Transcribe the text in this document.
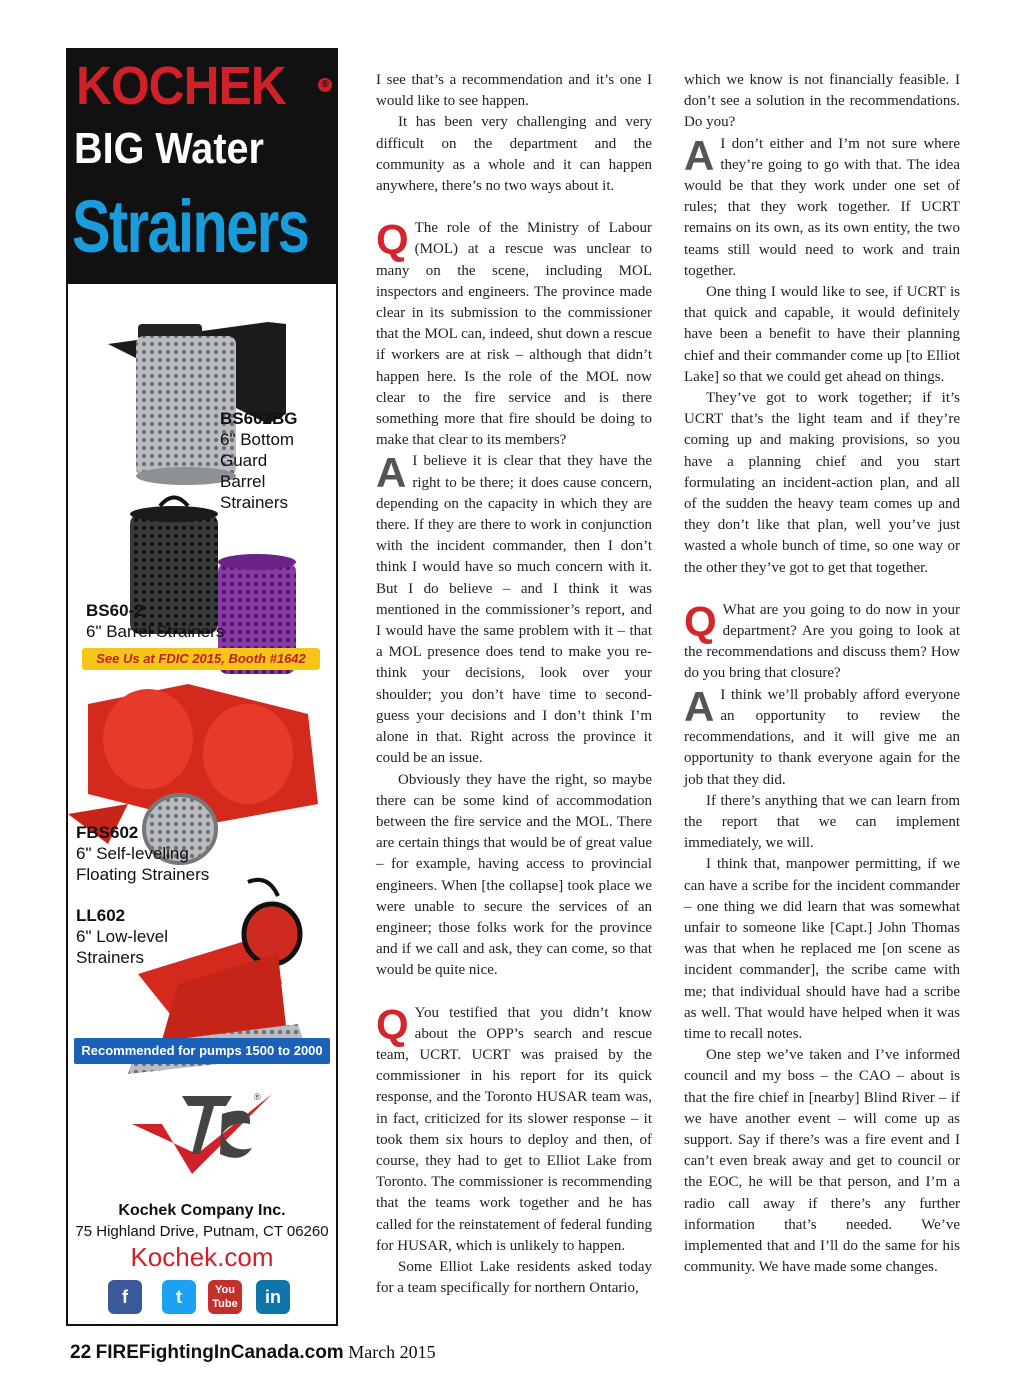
KOCHEK	®
BIG Water
Strainers
BS602BG
6" Bottom Guard
Barrel Strainers
BS60-2
6" Barrel Strainers
See Us at FDIC 2015, Booth #1642
FBS602
6" Self-leveling
Floating Strainers
LL602
6" Low-level
Strainers
Recommended for pumps 1500 to 2000 GPM
®
Kochek Company Inc.
75 Highland Drive, Putnam, CT 06260
Kochek.com
f	t	You Tube	in

I see that’s a recommendation and it’s one I would like to see happen.

It has been very challenging and very difficult on the department and the community as a whole and it can happen anywhere, there’s no two ways about it.

Q The role of the Ministry of Labour (MOL) at a rescue was unclear to many on the scene, including MOL inspectors and engineers. The province made clear in its submission to the commissioner that the MOL can, indeed, shut down a rescue if workers are at risk – although that didn’t happen here. Is the role of the MOL now clear to the fire service and is there something more that fire should be doing to make that clear to its members?

A I believe it is clear that they have the right to be there; it does cause concern, depending on the capacity in which they are there. If they are there to work in conjunction with the incident commander, then I don’t think I would have so much concern with it. But I do believe – and I think it was mentioned in the commissioner’s report, and I would have the same problem with it – that a MOL presence does tend to make you re-think your decisions, look over your shoulder; you don’t have time to second-guess your decisions and I don’t think I’m alone in that. Right across the province it could be an issue.

Obviously they have the right, so maybe there can be some kind of accommodation between the fire service and the MOL. There are certain things that would be of great value – for example, having access to provincial engineers. When [the collapse] took place we were unable to secure the services of an engineer; those folks work for the province and if we call and ask, they can come, so that would be quite nice.

Q You testified that you didn’t know about the OPP’s search and rescue team, UCRT. UCRT was praised by the commissioner in his report for its quick response, and the Toronto HUSAR team was, in fact, criticized for its slower response – it took them six hours to deploy and then, of course, they had to get to Elliot Lake from Toronto. The commissioner is recommending that the teams work together and he has called for the reinstatement of federal funding for HUSAR, which is unlikely to happen.

Some Elliot Lake residents asked today for a team specifically for northern Ontario,

which we know is not financially feasible. I don’t see a solution in the recommendations. Do you?

A I don’t either and I’m not sure where they’re going to go with that. The idea would be that they work under one set of rules; that they work together. If UCRT remains on its own, as its own entity, the two teams still would need to work and train together.

One thing I would like to see, if UCRT is that quick and capable, it would definitely have been a benefit to have their planning chief and their commander come up [to Elliot Lake] so that we could get ahead on things.

They’ve got to work together; if it’s UCRT that’s the light team and if they’re coming up and making provisions, so you have a planning chief and you start formulating an incident-action plan, and all of the sudden the heavy team comes up and they don’t like that plan, well you’ve just wasted a whole bunch of time, so one way or the other they’ve got to get that together.

Q What are you going to do now in your department? Are you going to look at the recommendations and discuss them? How do you bring that closure?

A I think we’ll probably afford everyone an opportunity to review the recommendations, and it will give me an opportunity to thank everyone again for the job that they did.

If there’s anything that we can learn from the report that we can implement immediately, we will.

I think that, manpower permitting, if we can have a scribe for the incident commander – one thing we did learn that was somewhat unfair to someone like [Capt.] John Thomas was that when he replaced me [on scene as incident commander], the scribe came with me; that individual should have had a scribe as well. That would have helped when it was time to recall notes.

One step we’ve taken and I’ve informed council and my boss – the CAO – about is that the fire chief in [nearby] Blind River – if we have another event – will come up as support. Say if there’s was a fire event and I can’t even break away and get to council or the EOC, he will be that person, and I’m a radio call away if there’s any further information that’s needed. We’ve implemented that and I’ll do the same for his community. We have made some changes.

22 FIREFightingInCanada.com March 2015
